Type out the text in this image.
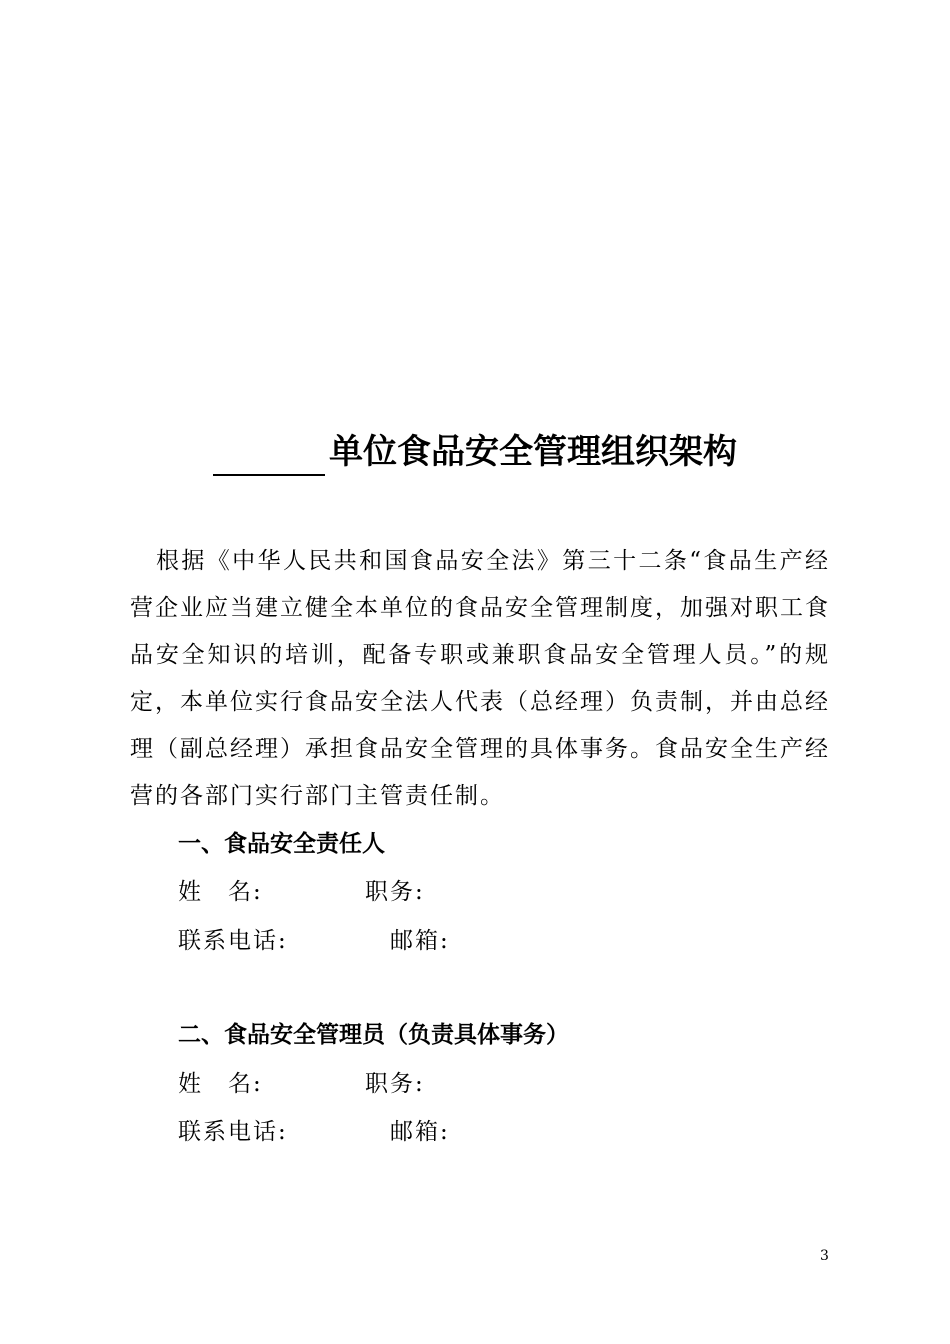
单位食品安全管理组织架构
根据《中华人民共和国食品安全法》第三十二条“食品生产经营企业应当建立健全本单位的食品安全管理制度，加强对职工食品安全知识的培训，配备专职或兼职食品安全管理人员。”的规定，本单位实行食品安全法人代表（总经理）负责制，并由总经理（副总经理）承担食品安全管理的具体事务。食品安全生产经营的各部门实行部门主管责任制。
一、食品安全责任人
姓　名:	职务:
联系电话:	邮箱:
二、食品安全管理员（负责具体事务）
姓　名:	职务:
联系电话:	邮箱:
3
